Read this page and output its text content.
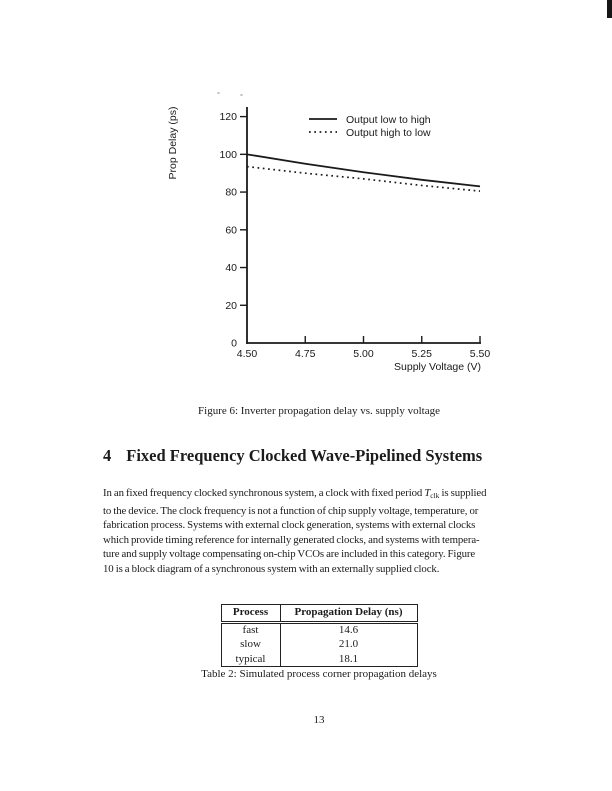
0
20
40
60
80
100
120
4.50	4.75	5.00	5.25	5.50
Prop Delay (ps)
Supply Voltage (V)
Output low to high
Output high to low
Figure 6: Inverter propagation delay vs. supply voltage
4 Fixed Frequency Clocked Wave-Pipelined Systems
In an fixed frequency clocked synchronous system, a clock with fixed period $T_{clk}$ is supplied
to the device. The clock frequency is not a function of chip supply voltage, temperature, or
fabrication process. Systems with external clock generation, systems with external clocks
which provide timing reference for internally generated clocks, and systems with tempera-
ture and supply voltage compensating on-chip VCOs are included in this category. Figure
10 is a block diagram of a synchronous system with an externally supplied clock.
Process	Propagation Delay (ns)
fast	14.6
slow	21.0
typical	18.1
Table 2: Simulated process corner propagation delays
13
